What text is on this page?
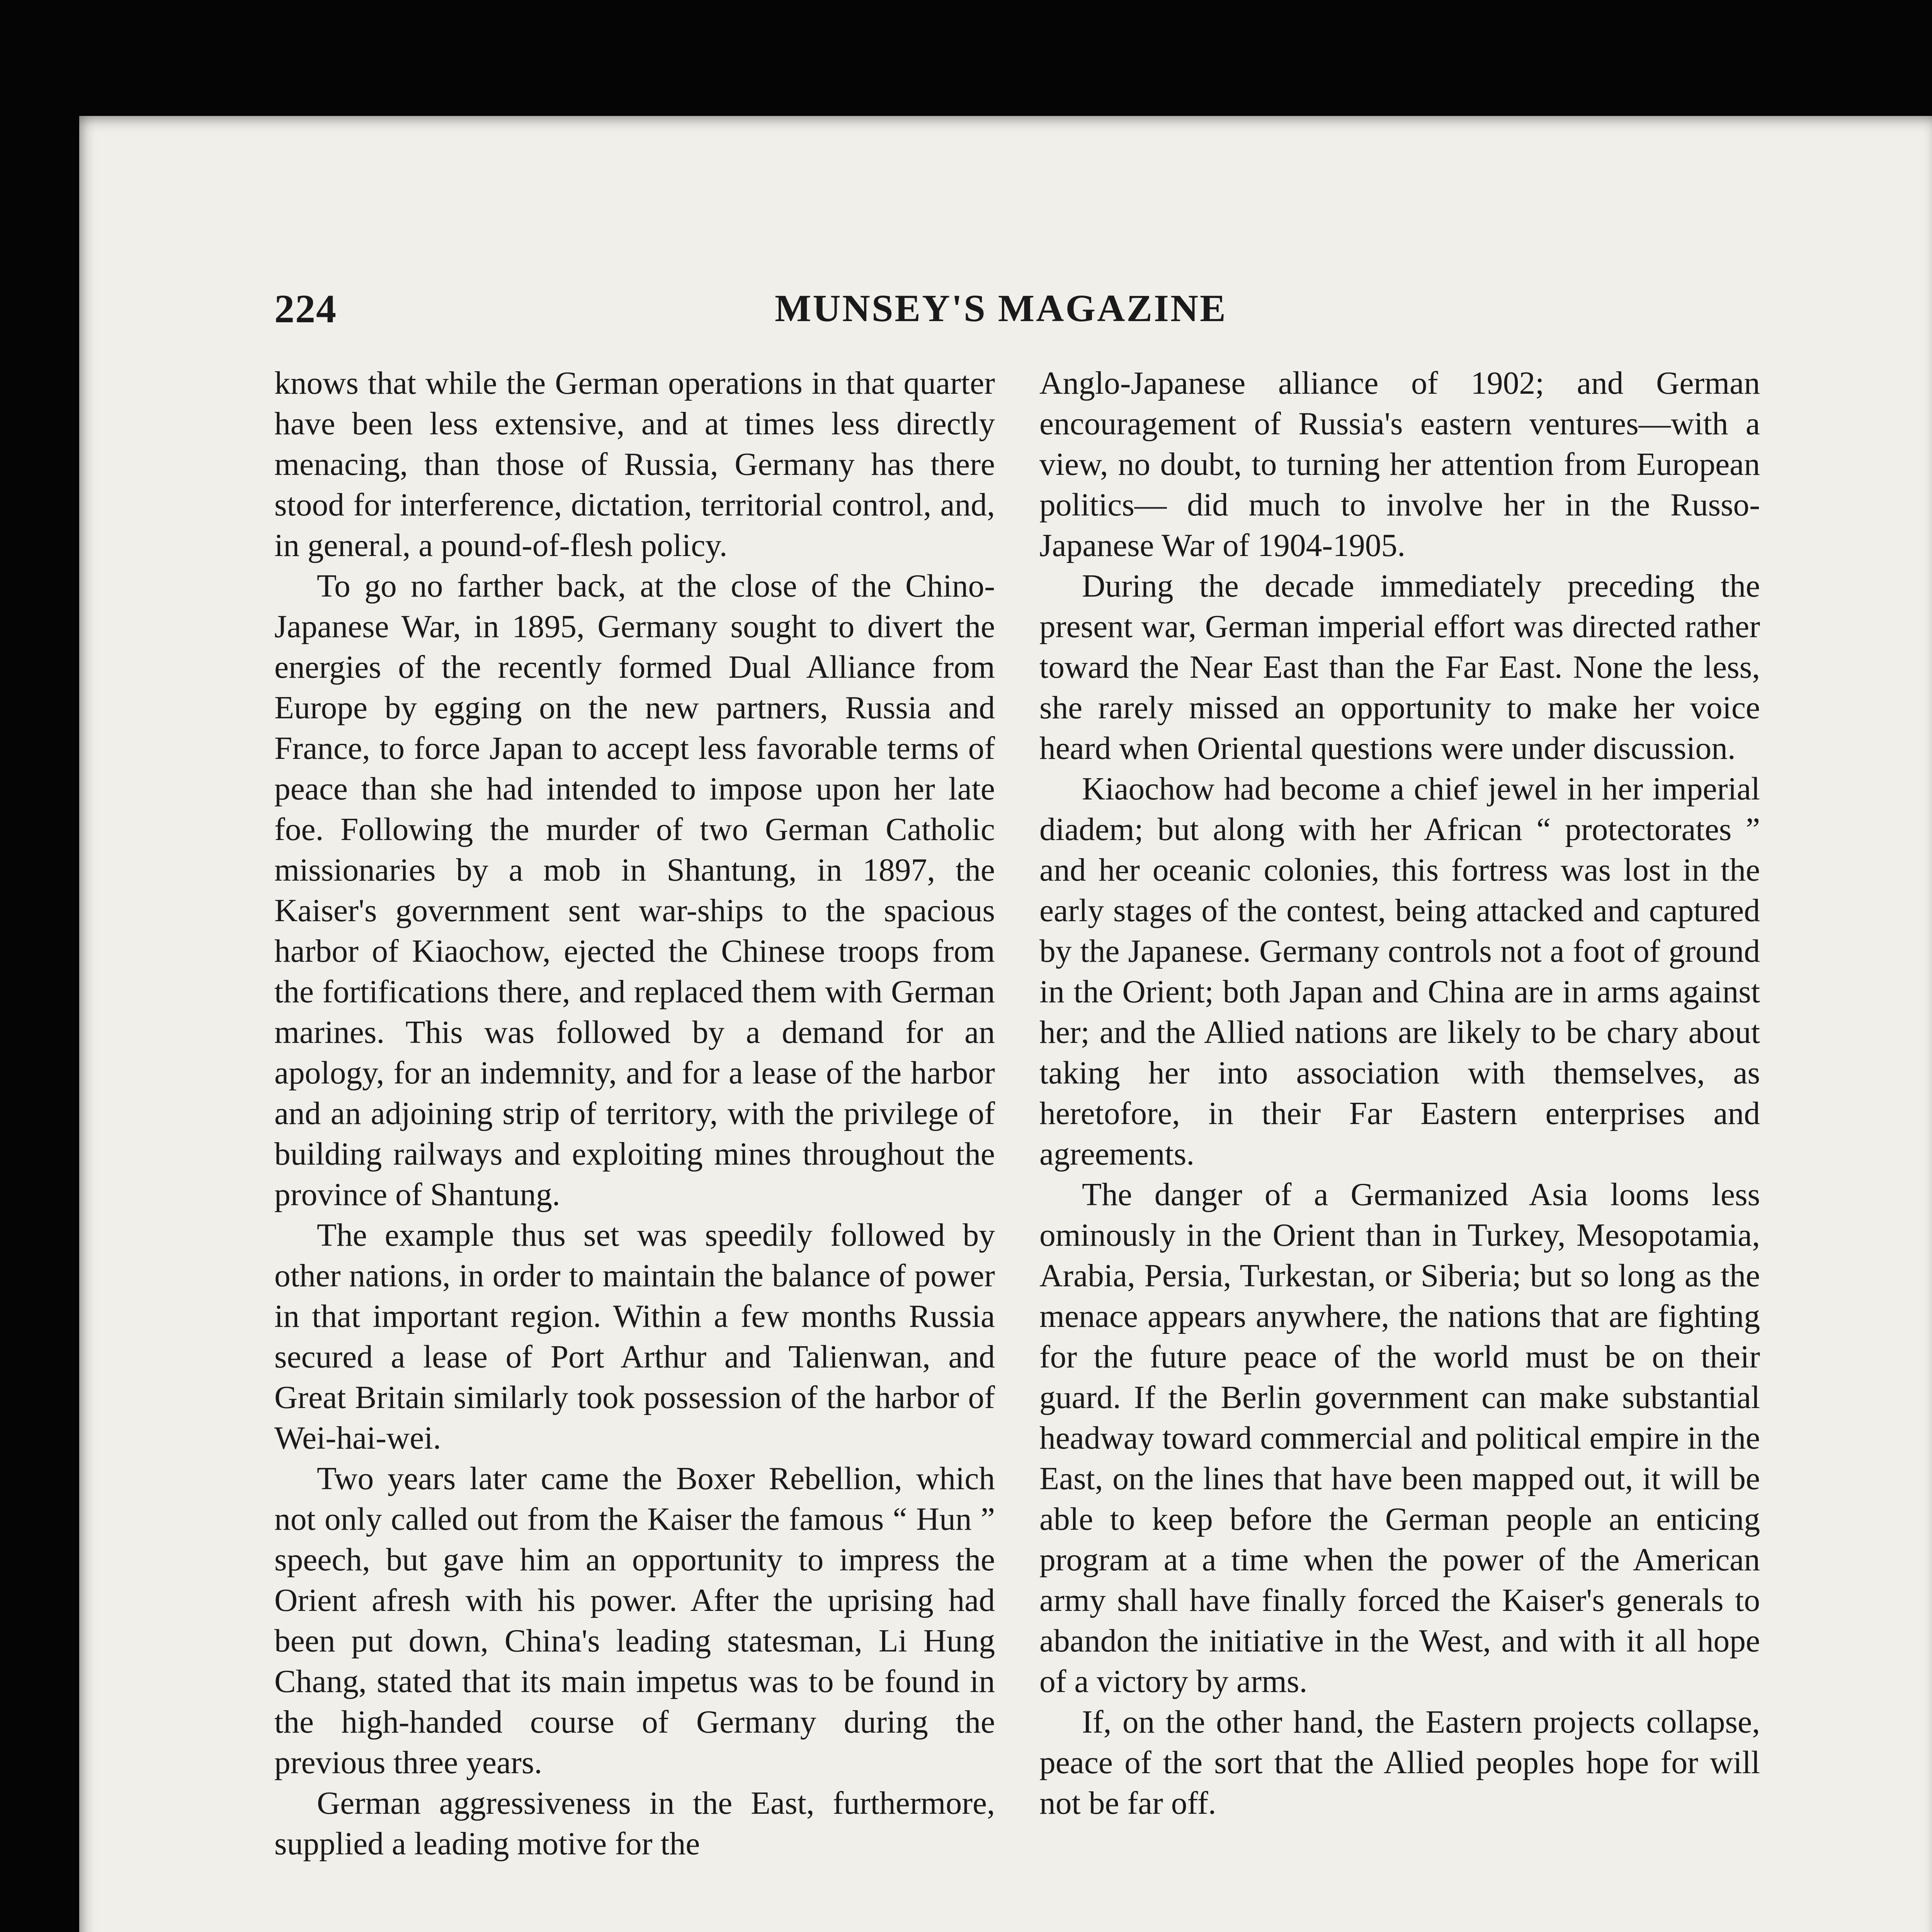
224	MUNSEY'S MAGAZINE

knows that while the German operations in that quarter have been less extensive, and at times less directly menacing, than those of Russia, Germany has there stood for interference, dictation, territorial control, and, in general, a pound-of-flesh policy.

To go no farther back, at the close of the Chino-Japanese War, in 1895, Germany sought to divert the energies of the recently formed Dual Alliance from Europe by egging on the new partners, Russia and France, to force Japan to accept less favorable terms of peace than she had intended to impose upon her late foe. Following the murder of two German Catholic missionaries by a mob in Shantung, in 1897, the Kaiser's government sent war-ships to the spacious harbor of Kiaochow, ejected the Chinese troops from the fortifications there, and replaced them with German marines. This was followed by a demand for an apology, for an indemnity, and for a lease of the harbor and an adjoining strip of territory, with the privilege of building railways and exploiting mines throughout the province of Shantung.

The example thus set was speedily followed by other nations, in order to maintain the balance of power in that important region. Within a few months Russia secured a lease of Port Arthur and Talienwan, and Great Britain similarly took possession of the harbor of Wei-hai-wei.

Two years later came the Boxer Rebellion, which not only called out from the Kaiser the famous “ Hun ” speech, but gave him an opportunity to impress the Orient afresh with his power. After the uprising had been put down, China's leading statesman, Li Hung Chang, stated that its main impetus was to be found in the high-handed course of Germany during the previous three years.

German aggressiveness in the East, furthermore, supplied a leading motive for the

Anglo-Japanese alliance of 1902; and German encouragement of Russia's eastern ventures—with a view, no doubt, to turning her attention from European politics— did much to involve her in the Russo-Japanese War of 1904-1905.

During the decade immediately preceding the present war, German imperial effort was directed rather toward the Near East than the Far East. None the less, she rarely missed an opportunity to make her voice heard when Oriental questions were under discussion.

Kiaochow had become a chief jewel in her imperial diadem; but along with her African “ protectorates ” and her oceanic colonies, this fortress was lost in the early stages of the contest, being attacked and captured by the Japanese. Germany controls not a foot of ground in the Orient; both Japan and China are in arms against her; and the Allied nations are likely to be chary about taking her into association with themselves, as heretofore, in their Far Eastern enterprises and agreements.

The danger of a Germanized Asia looms less ominously in the Orient than in Turkey, Mesopotamia, Arabia, Persia, Turkestan, or Siberia; but so long as the menace appears anywhere, the nations that are fighting for the future peace of the world must be on their guard. If the Berlin government can make substantial headway toward commercial and political empire in the East, on the lines that have been mapped out, it will be able to keep before the German people an enticing program at a time when the power of the American army shall have finally forced the Kaiser's generals to abandon the initiative in the West, and with it all hope of a victory by arms.

If, on the other hand, the Eastern projects collapse, peace of the sort that the Allied peoples hope for will not be far off.
